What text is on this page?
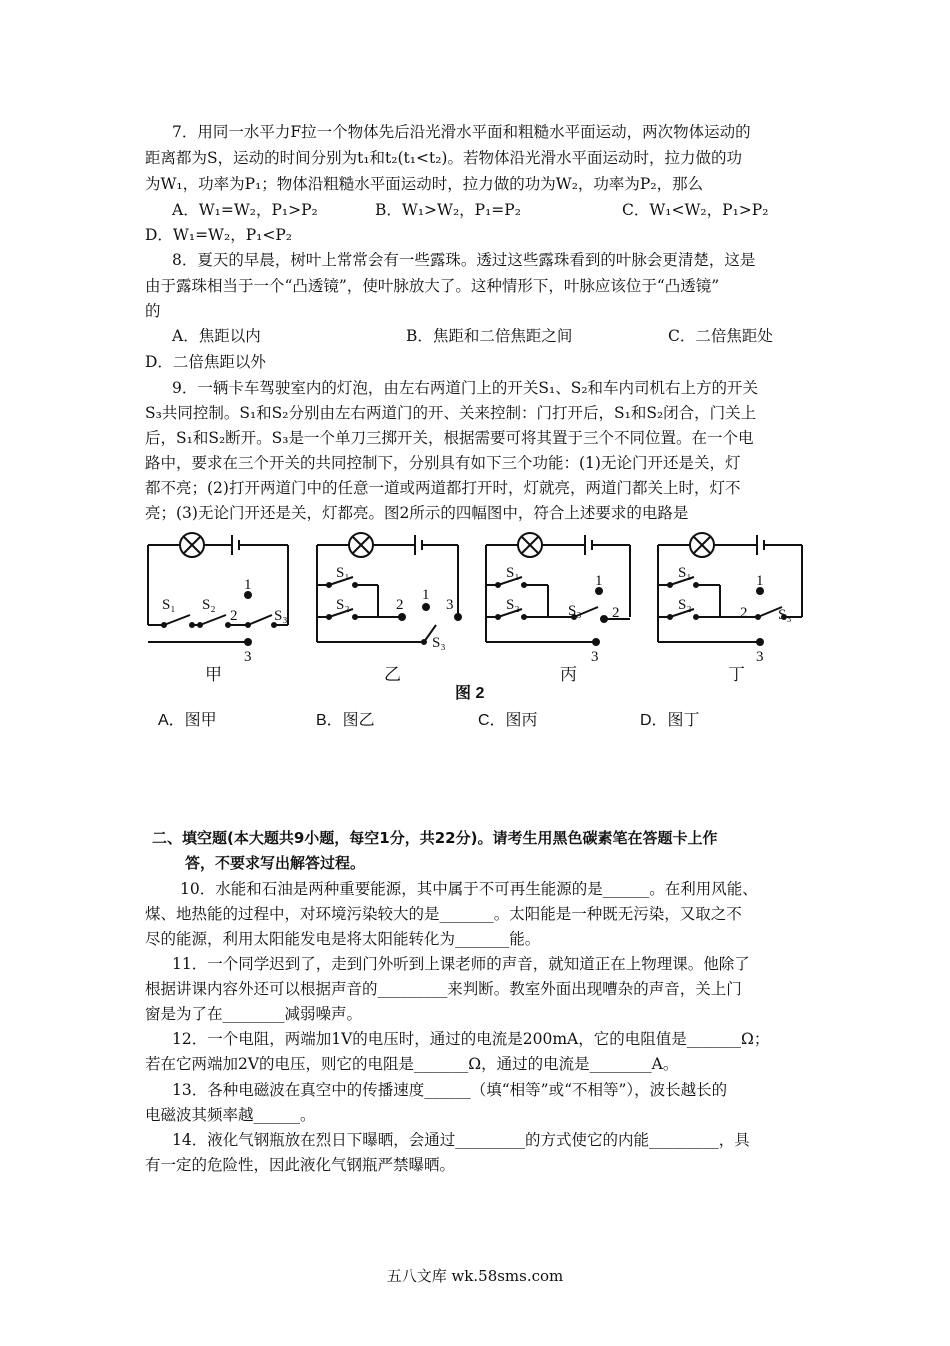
7．用同一水平力F拉一个物体先后沿光滑水平面和粗糙水平面运动，两次物体运动的
距离都为S，运动的时间分别为t₁和t₂(t₁<t₂)。若物体沿光滑水平面运动时，拉力做的功
为W₁，功率为P₁；物体沿粗糙水平面运动时，拉力做的功为W₂，功率为P₂，那么
A．W₁=W₂，P₁>P₂	B．W₁>W₂，P₁=P₂	C．W₁<W₂，P₁>P₂
D．W₁=W₂，P₁<P₂
8．夏天的早晨，树叶上常常会有一些露珠。透过这些露珠看到的叶脉会更清楚，这是
由于露珠相当于一个“凸透镜”，使叶脉放大了。这种情形下，叶脉应该位于“凸透镜”
的
A．焦距以内	B．焦距和二倍焦距之间	C．二倍焦距处
D．二倍焦距以外
9．一辆卡车驾驶室内的灯泡，由左右两道门上的开关S₁、S₂和车内司机右上方的开关
S₃共同控制。S₁和S₂分别由左右两道门的开、关来控制：门打开后，S₁和S₂闭合，门关上
后，S₁和S₂断开。S₃是一个单刀三掷开关，根据需要可将其置于三个不同位置。在一个电
路中，要求在三个开关的共同控制下，分别具有如下三个功能：(1)无论门开还是关，灯
都不亮；(2)打开两道门中的任意一道或两道都打开时，灯就亮，两道门都关上时，灯不
亮；(3)无论门开还是关，灯都亮。图2所示的四幅图中，符合上述要求的电路是
S₁ S₂
2 S₃
1
3
S₁
S₂	2
1
3
S₃
S₁
S₂	S₃
1
2
3
S₁
S₂	2 S₃
1
3
甲	乙	丙	丁
图 2
A．图甲	B．图乙	C．图丙	D．图丁
二、填空题(本大题共9小题，每空1分，共22分)。请考生用黑色碳素笔在答题卡上作
答，不要求写出解答过程。
10．水能和石油是两种重要能源，其中属于不可再生能源的是______。在利用风能、
煤、地热能的过程中，对环境污染较大的是_______。太阳能是一种既无污染，又取之不
尽的能源，利用太阳能发电是将太阳能转化为_______能。
11．一个同学迟到了，走到门外听到上课老师的声音，就知道正在上物理课。他除了
根据讲课内容外还可以根据声音的_________来判断。教室外面出现嘈杂的声音，关上门
窗是为了在________减弱噪声。
12．一个电阻，两端加1V的电压时，通过的电流是200mA，它的电阻值是_______Ω；
若在它两端加2V的电压，则它的电阻是_______Ω，通过的电流是________A。
13．各种电磁波在真空中的传播速度______（填“相等”或“不相等”），波长越长的
电磁波其频率越______。
14．液化气钢瓶放在烈日下曝晒，会通过_________的方式使它的内能_________，具
有一定的危险性，因此液化气钢瓶严禁曝晒。
五八文库 wk.58sms.com
